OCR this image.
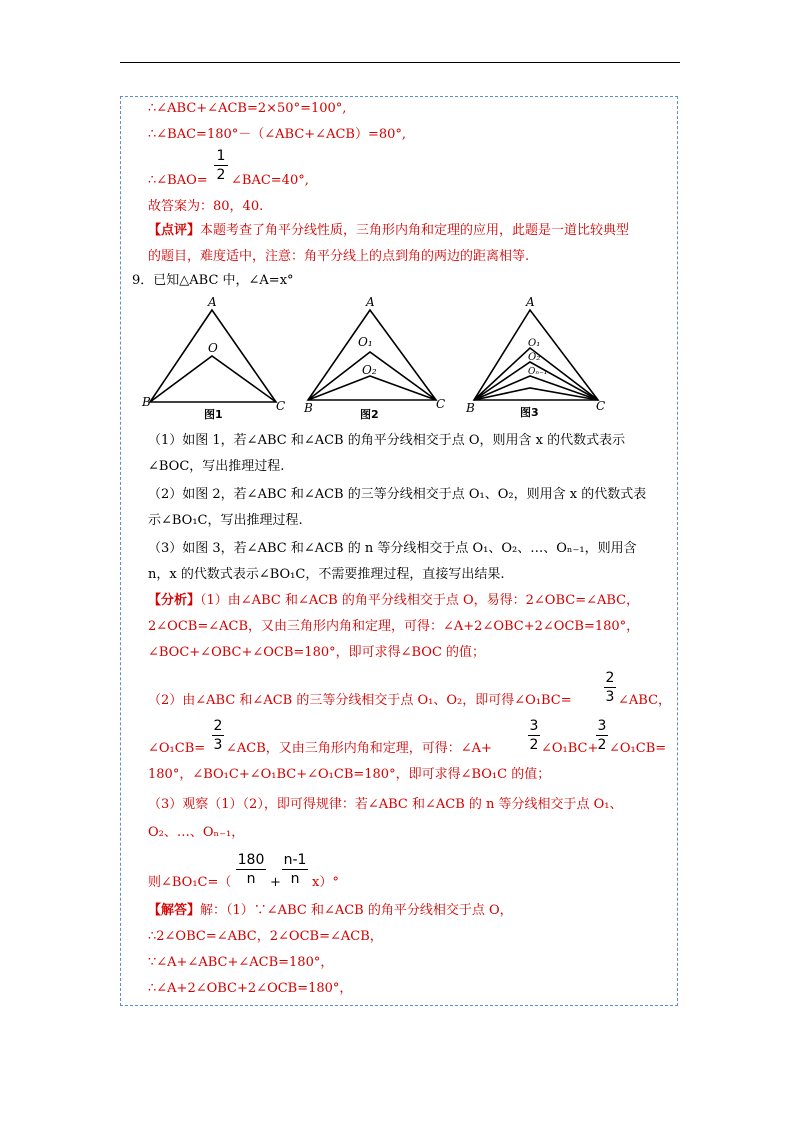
∴∠ABC+∠ACB=2×50°=100°,
∴∠BAC=180°－（∠ABC+∠ACB）=80°,
1
2
∴∠BAO= ∠BAC=40°,
故答案为：80，40.
【点评】本题考查了角平分线性质，三角形内角和定理的应用，此题是一道比较典型
的题目，难度适中，注意：角平分线上的点到角的两边的距离相等.
9．已知△ABC 中，∠A=x°
A
B	C
O
图1
A
B	C
O₁
O₂
图2
A
B	C
O₁
O₂
Oₙ₋₁
图3
（1）如图 1，若∠ABC 和∠ACB 的角平分线相交于点 O，则用含 x 的代数式表示
∠BOC，写出推理过程.
（2）如图 2，若∠ABC 和∠ACB 的三等分线相交于点 O₁、O₂，则用含 x 的代数式表
示∠BO₁C，写出推理过程.
（3）如图 3，若∠ABC 和∠ACB 的 n 等分线相交于点 O₁、O₂、…、Oₙ₋₁，则用含
n，x 的代数式表示∠BO₁C，不需要推理过程，直接写出结果.
【分析】（1）由∠ABC 和∠ACB 的角平分线相交于点 O，易得：2∠OBC=∠ABC，
2∠OCB=∠ACB，又由三角形内角和定理，可得：∠A+2∠OBC+2∠OCB=180°，
∠BOC+∠OBC+∠OCB=180°，即可求得∠BOC 的值；
（2）由∠ABC 和∠ACB 的三等分线相交于点 O₁、O₂，即可得∠O₁BC=
2
3 ∠ABC，
2
3
∠O₁CB= ∠ACB，又由三角形内角和定理，可得：∠A+
3
2 ∠O₁BC+
3
2 ∠O₁CB=
180°，∠BO₁C+∠O₁BC+∠O₁CB=180°，即可求得∠BO₁C 的值；
（3）观察（1）（2），即可得规律：若∠ABC 和∠ACB 的 n 等分线相交于点 O₁、
O₂、…、Oₙ₋₁，
180
n
n-1
n
则∠BO₁C=（	+ x）°
【解答】解：（1）∵∠ABC 和∠ACB 的角平分线相交于点 O，
∴2∠OBC=∠ABC，2∠OCB=∠ACB，
∵∠A+∠ABC+∠ACB=180°，
∴∠A+2∠OBC+2∠OCB=180°，
